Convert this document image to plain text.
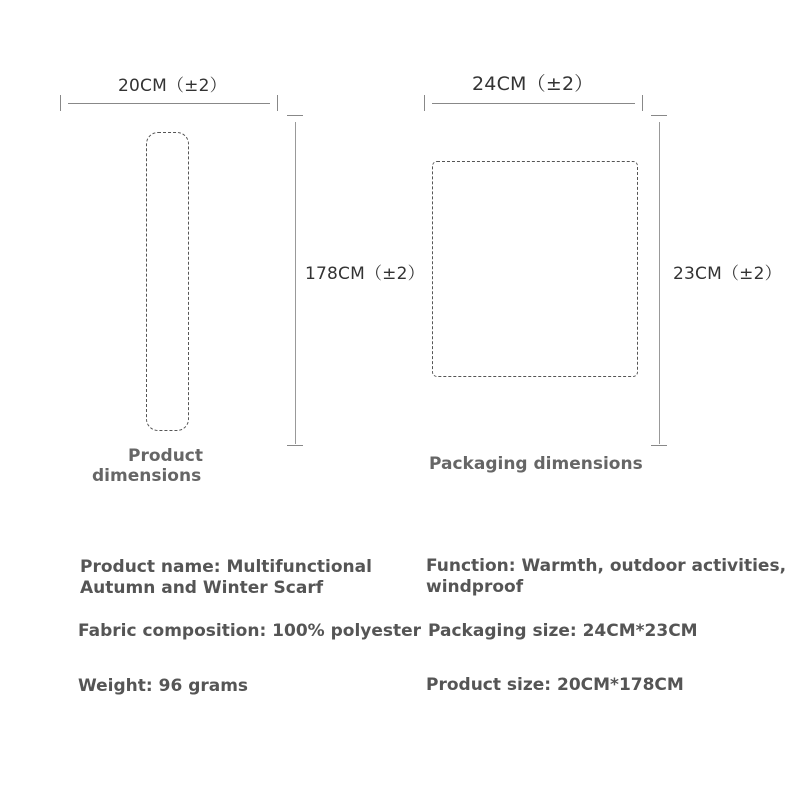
20CM（±2）
178CM（±2）
Product
dimensions
24CM（±2）
23CM（±2）
Packaging dimensions
Product name: Multifunctional
Autumn and Winter Scarf
Function: Warmth, outdoor activities,
windproof
Fabric composition: 100% polyester Packaging size: 24CM*23CM
Weight: 96 grams	Product size: 20CM*178CM
